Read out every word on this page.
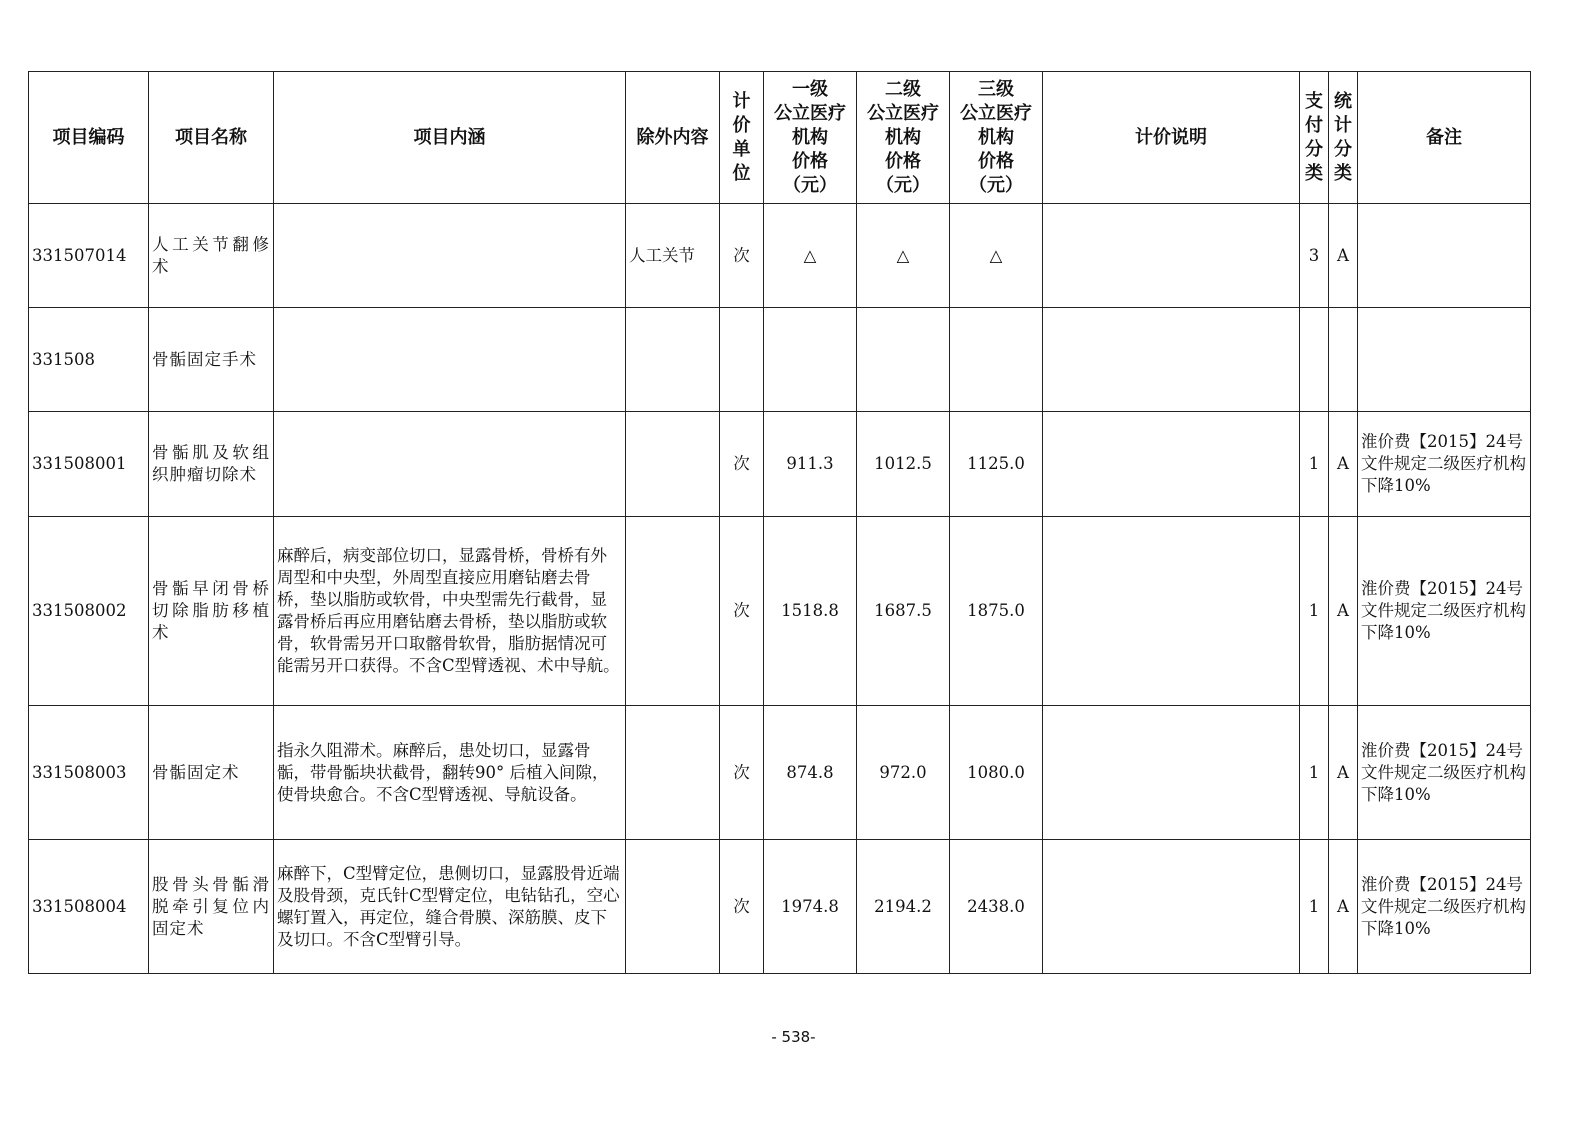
项目编码	项目名称	项目内涵	除外内容	计
价
单
位	一级
公立医疗
机构
价格
（元）	二级
公立医疗
机构
价格
（元）	三级
公立医疗
机构
价格
（元）	计价说明	支
付
分
类	统
计
分
类	备注
331507014	人工关节翻修术		人工关节	次	△	△	△		3	A	
331508	骨骺固定手术										
331508001	骨骺肌及软组织肿瘤切除术			次	911.3	1012.5	1125.0		1	A	淮价费【2015】24号文件规定二级医疗机构下降10%
331508002	骨骺早闭骨桥切除脂肪移植术	麻醉后，病变部位切口，显露骨桥，骨桥有外周型和中央型，外周型直接应用磨钻磨去骨桥，垫以脂肪或软骨，中央型需先行截骨，显露骨桥后再应用磨钻磨去骨桥，垫以脂肪或软骨，软骨需另开口取髂骨软骨，脂肪据情况可能需另开口获得。不含C型臂透视、术中导航。		次	1518.8	1687.5	1875.0		1	A	淮价费【2015】24号文件规定二级医疗机构下降10%
331508003	骨骺固定术	指永久阻滞术。麻醉后，患处切口，显露骨骺，带骨骺块状截骨，翻转90° 后植入间隙，使骨块愈合。不含C型臂透视、导航设备。		次	874.8	972.0	1080.0		1	A	淮价费【2015】24号文件规定二级医疗机构下降10%
331508004	股骨头骨骺滑脱牵引复位内固定术	麻醉下，C型臂定位，患侧切口，显露股骨近端及股骨颈，克氏针C型臂定位，电钻钻孔，空心螺钉置入，再定位，缝合骨膜、深筋膜、皮下及切口。不含C型臂引导。		次	1974.8	2194.2	2438.0		1	A	淮价费【2015】24号文件规定二级医疗机构下降10%
- 538-
